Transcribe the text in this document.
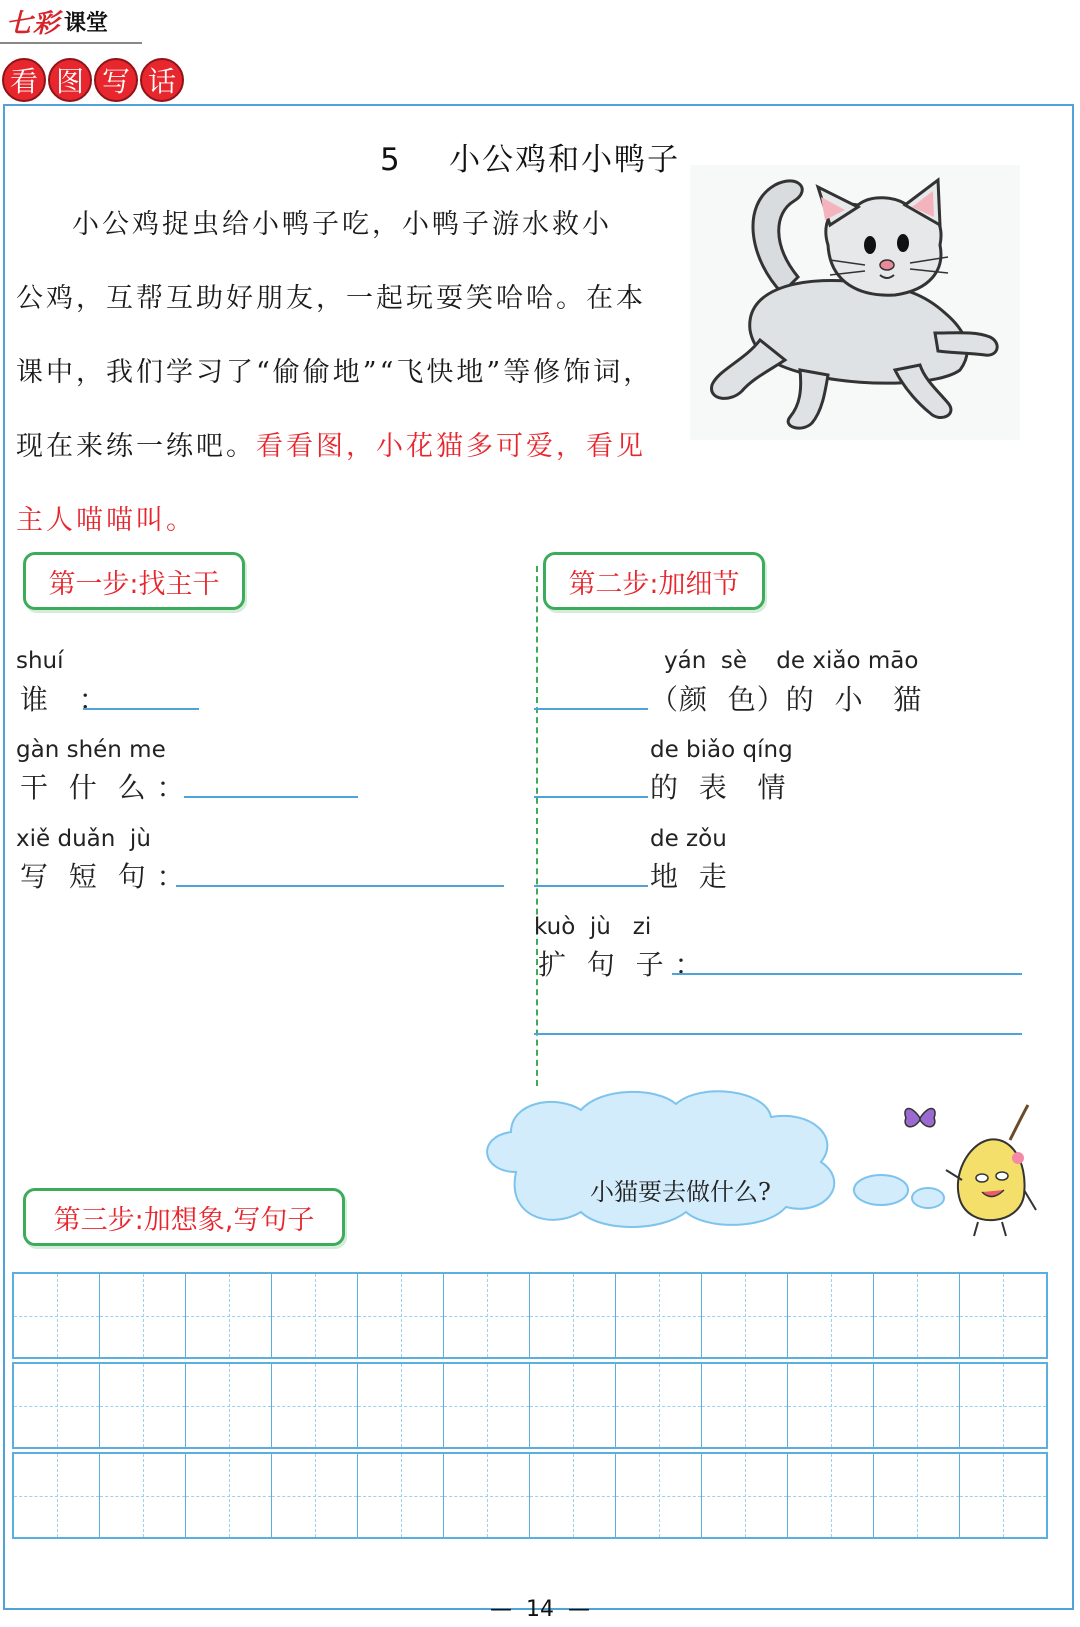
七彩 课堂
看 图 写 话
5    小公鸡和小鸭子
小公鸡捉虫给小鸭子吃，小鸭子游水救小
公鸡，互帮互助好朋友，一起玩耍笑哈哈。在本
课中，我们学习了“偷偷地”“飞快地”等修饰词，
现在来练一练吧。看看图，小花猫多可爱，看见
主人喵喵叫。
第一步:找主干
shuí
谁   ：
gàn shén me
干  什  么 ：
xiě duǎn  jù
写  短  句 ：
第二步:加细节
yán  sè    de xiǎo māo
（颜  色）的  小   猫
de biǎo qíng
的  表   情
de zǒu
地  走
kuò  jù   zi
扩  句  子 ：
小猫要去做什么?
第三步:加想象,写句子
—  14  —
